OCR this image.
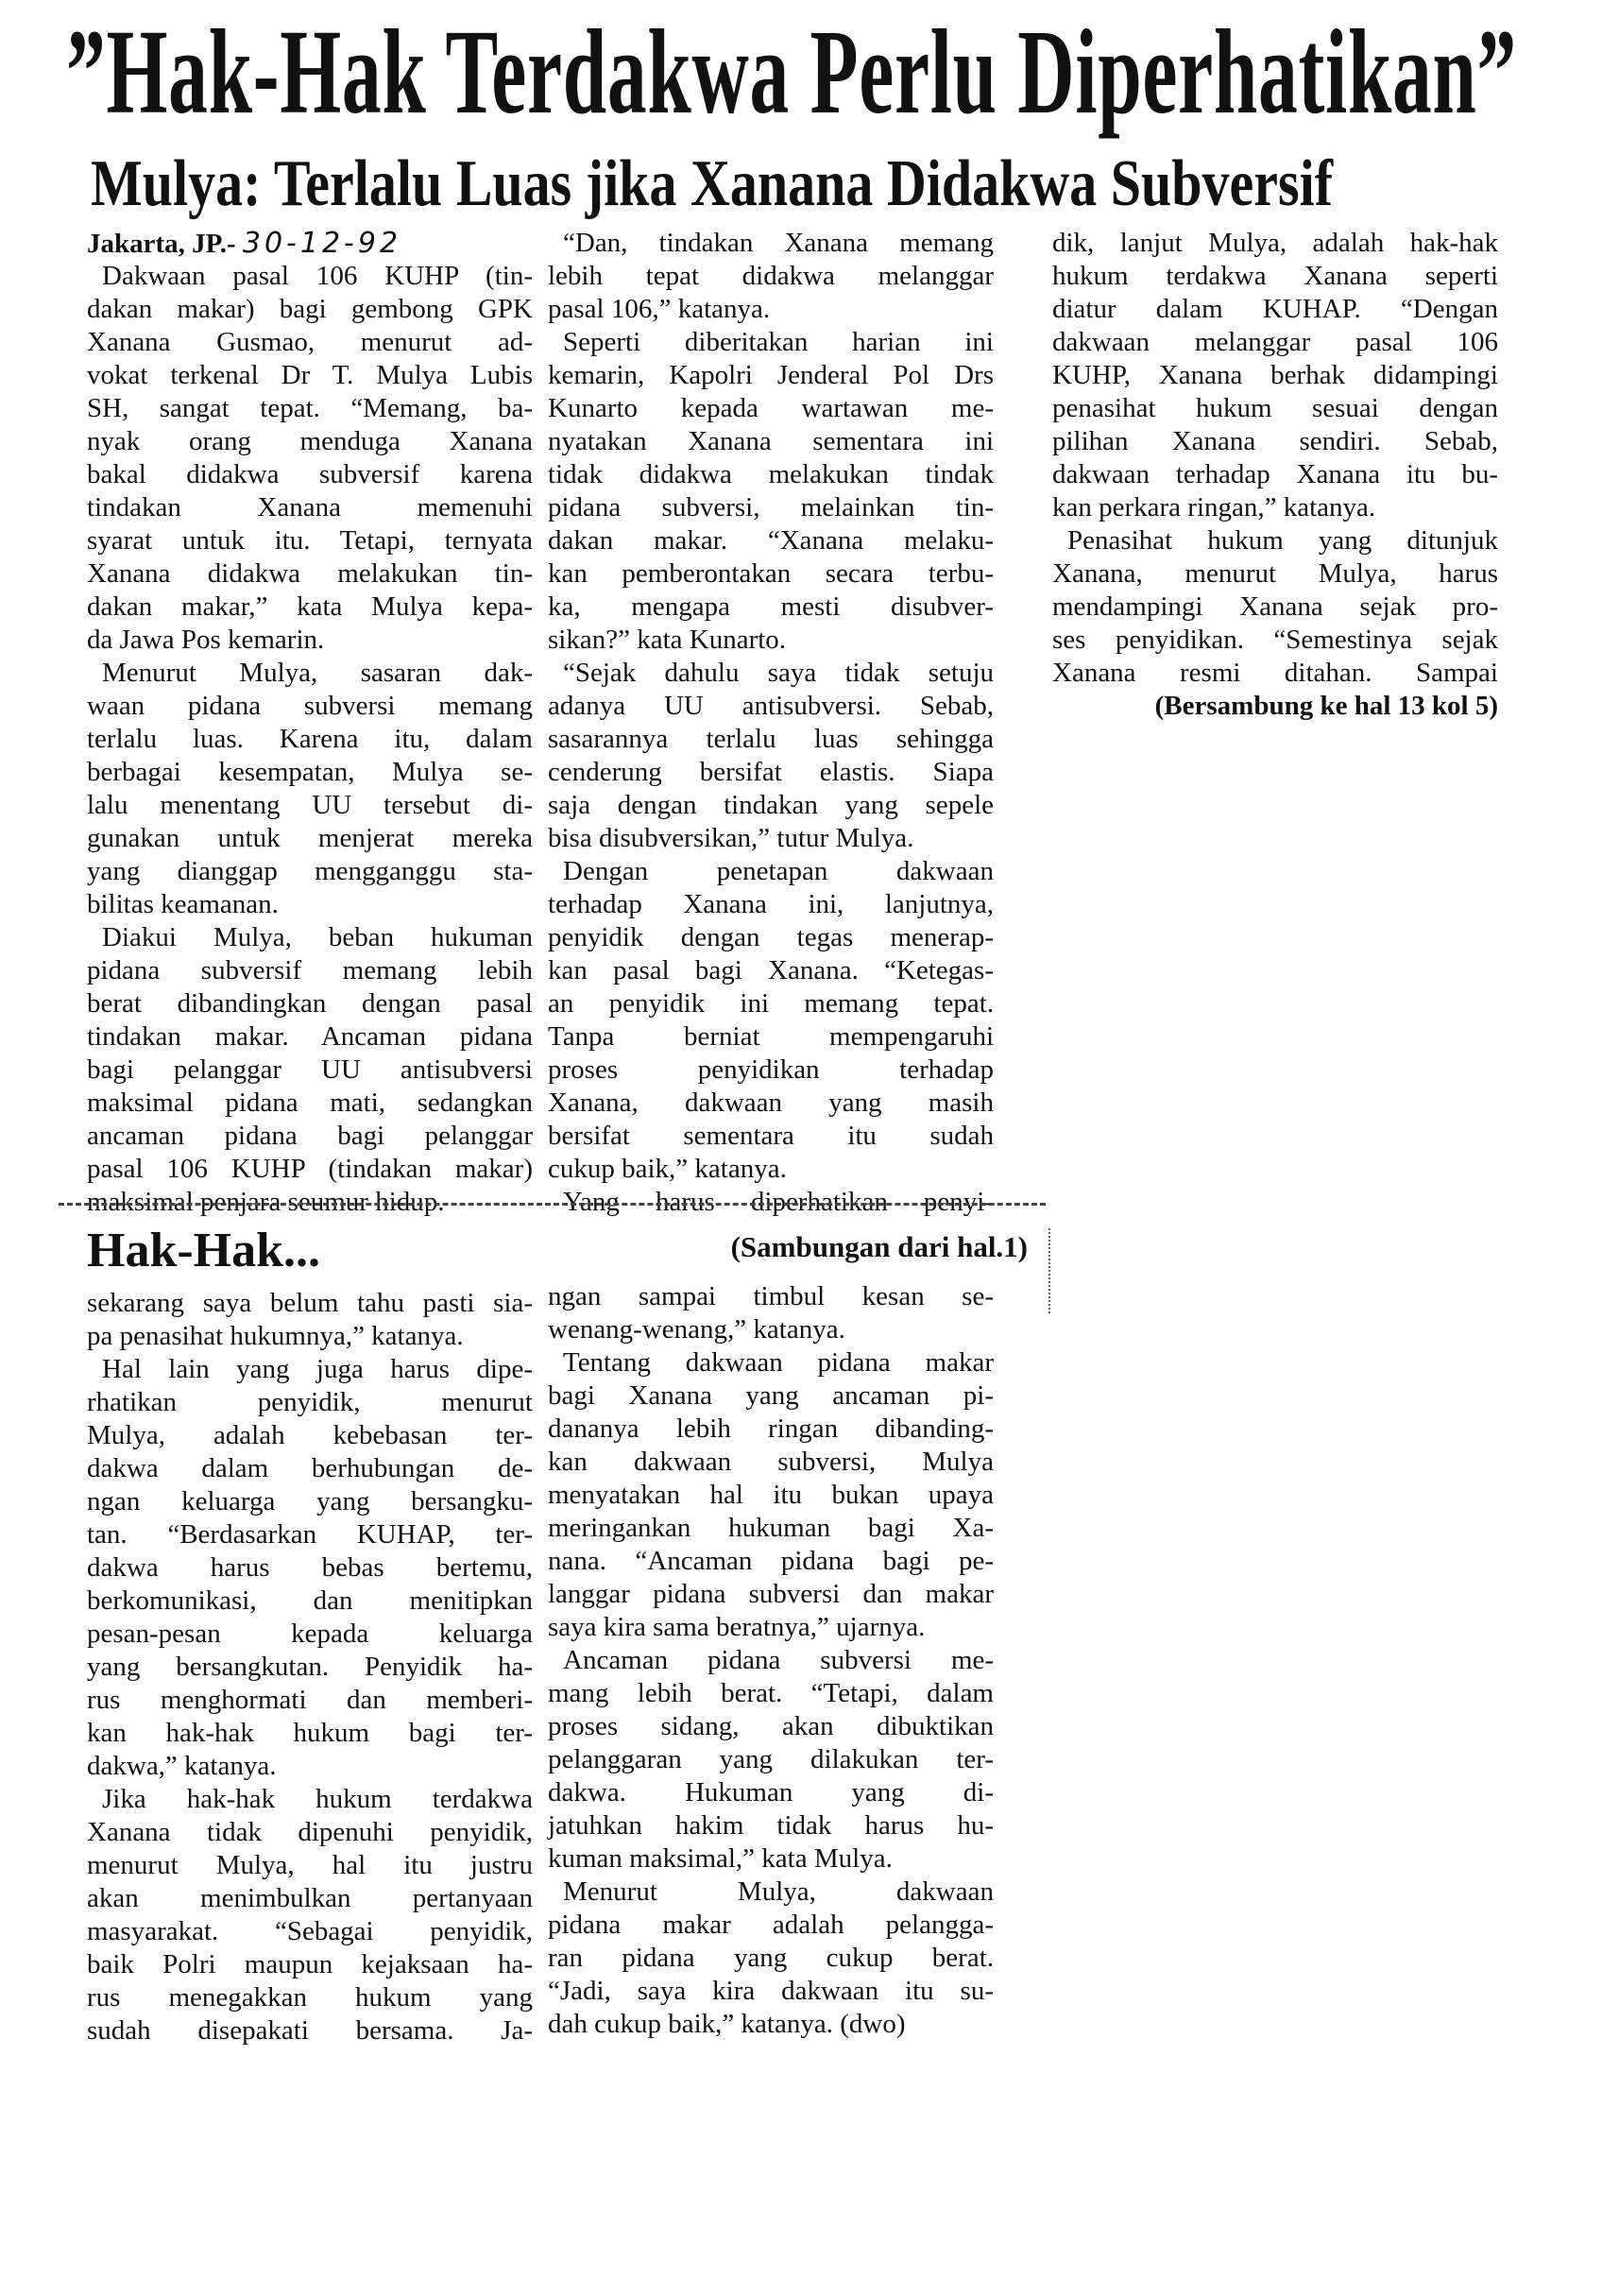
”Hak-Hak Terdakwa Perlu Diperhatikan”
Mulya: Terlalu Luas jika Xanana Didakwa Subversif
Jakarta, JP.- 30-12-92
Dakwaan pasal 106 KUHP (tin-
dakan makar) bagi gembong GPK
Xanana Gusmao, menurut ad-
vokat terkenal Dr T. Mulya Lubis
SH, sangat tepat. “Memang, ba-
nyak orang menduga Xanana
bakal didakwa subversif karena
tindakan Xanana memenuhi
syarat untuk itu. Tetapi, ternyata
Xanana didakwa melakukan tin-
dakan makar,” kata Mulya kepa-
da Jawa Pos kemarin.
Menurut Mulya, sasaran dak-
waan pidana subversi memang
terlalu luas. Karena itu, dalam
berbagai kesempatan, Mulya se-
lalu menentang UU tersebut di-
gunakan untuk menjerat mereka
yang dianggap mengganggu sta-
bilitas keamanan.
Diakui Mulya, beban hukuman
pidana subversif memang lebih
berat dibandingkan dengan pasal
tindakan makar. Ancaman pidana
bagi pelanggar UU antisubversi
maksimal pidana mati, sedangkan
ancaman pidana bagi pelanggar
pasal 106 KUHP (tindakan makar)
maksimal penjara seumur hidup.
“Dan, tindakan Xanana memang
lebih tepat didakwa melanggar
pasal 106,” katanya.
Seperti diberitakan harian ini
kemarin, Kapolri Jenderal Pol Drs
Kunarto kepada wartawan me-
nyatakan Xanana sementara ini
tidak didakwa melakukan tindak
pidana subversi, melainkan tin-
dakan makar. “Xanana melaku-
kan pemberontakan secara terbu-
ka, mengapa mesti disubver-
sikan?” kata Kunarto.
“Sejak dahulu saya tidak setuju
adanya UU antisubversi. Sebab,
sasarannya terlalu luas sehingga
cenderung bersifat elastis. Siapa
saja dengan tindakan yang sepele
bisa disubversikan,” tutur Mulya.
Dengan penetapan dakwaan
terhadap Xanana ini, lanjutnya,
penyidik dengan tegas menerap-
kan pasal bagi Xanana. “Ketegas-
an penyidik ini memang tepat.
Tanpa berniat mempengaruhi
proses penyidikan terhadap
Xanana, dakwaan yang masih
bersifat sementara itu sudah
cukup baik,” katanya.
Yang harus diperhatikan penyi-
dik, lanjut Mulya, adalah hak-hak
hukum terdakwa Xanana seperti
diatur dalam KUHAP. “Dengan
dakwaan melanggar pasal 106
KUHP, Xanana berhak didampingi
penasihat hukum sesuai dengan
pilihan Xanana sendiri. Sebab,
dakwaan terhadap Xanana itu bu-
kan perkara ringan,” katanya.
Penasihat hukum yang ditunjuk
Xanana, menurut Mulya, harus
mendampingi Xanana sejak pro-
ses penyidikan. “Semestinya sejak
Xanana resmi ditahan. Sampai
(Bersambung ke hal 13 kol 5)
Hak-Hak...	(Sambungan dari hal.1)
sekarang saya belum tahu pasti sia-
pa penasihat hukumnya,” katanya.
Hal lain yang juga harus dipe-
rhatikan penyidik, menurut
Mulya, adalah kebebasan ter-
dakwa dalam berhubungan de-
ngan keluarga yang bersangku-
tan. “Berdasarkan KUHAP, ter-
dakwa harus bebas bertemu,
berkomunikasi, dan menitipkan
pesan-pesan kepada keluarga
yang bersangkutan. Penyidik ha-
rus menghormati dan memberi-
kan hak-hak hukum bagi ter-
dakwa,” katanya.
Jika hak-hak hukum terdakwa
Xanana tidak dipenuhi penyidik,
menurut Mulya, hal itu justru
akan menimbulkan pertanyaan
masyarakat. “Sebagai penyidik,
baik Polri maupun kejaksaan ha-
rus menegakkan hukum yang
sudah disepakati bersama. Ja-
ngan sampai timbul kesan se-
wenang-wenang,” katanya.
Tentang dakwaan pidana makar
bagi Xanana yang ancaman pi-
dananya lebih ringan dibanding-
kan dakwaan subversi, Mulya
menyatakan hal itu bukan upaya
meringankan hukuman bagi Xa-
nana. “Ancaman pidana bagi pe-
langgar pidana subversi dan makar
saya kira sama beratnya,” ujarnya.
Ancaman pidana subversi me-
mang lebih berat. “Tetapi, dalam
proses sidang, akan dibuktikan
pelanggaran yang dilakukan ter-
dakwa. Hukuman yang di-
jatuhkan hakim tidak harus hu-
kuman maksimal,” kata Mulya.
Menurut Mulya, dakwaan
pidana makar adalah pelangga-
ran pidana yang cukup berat.
“Jadi, saya kira dakwaan itu su-
dah cukup baik,” katanya. (dwo)
